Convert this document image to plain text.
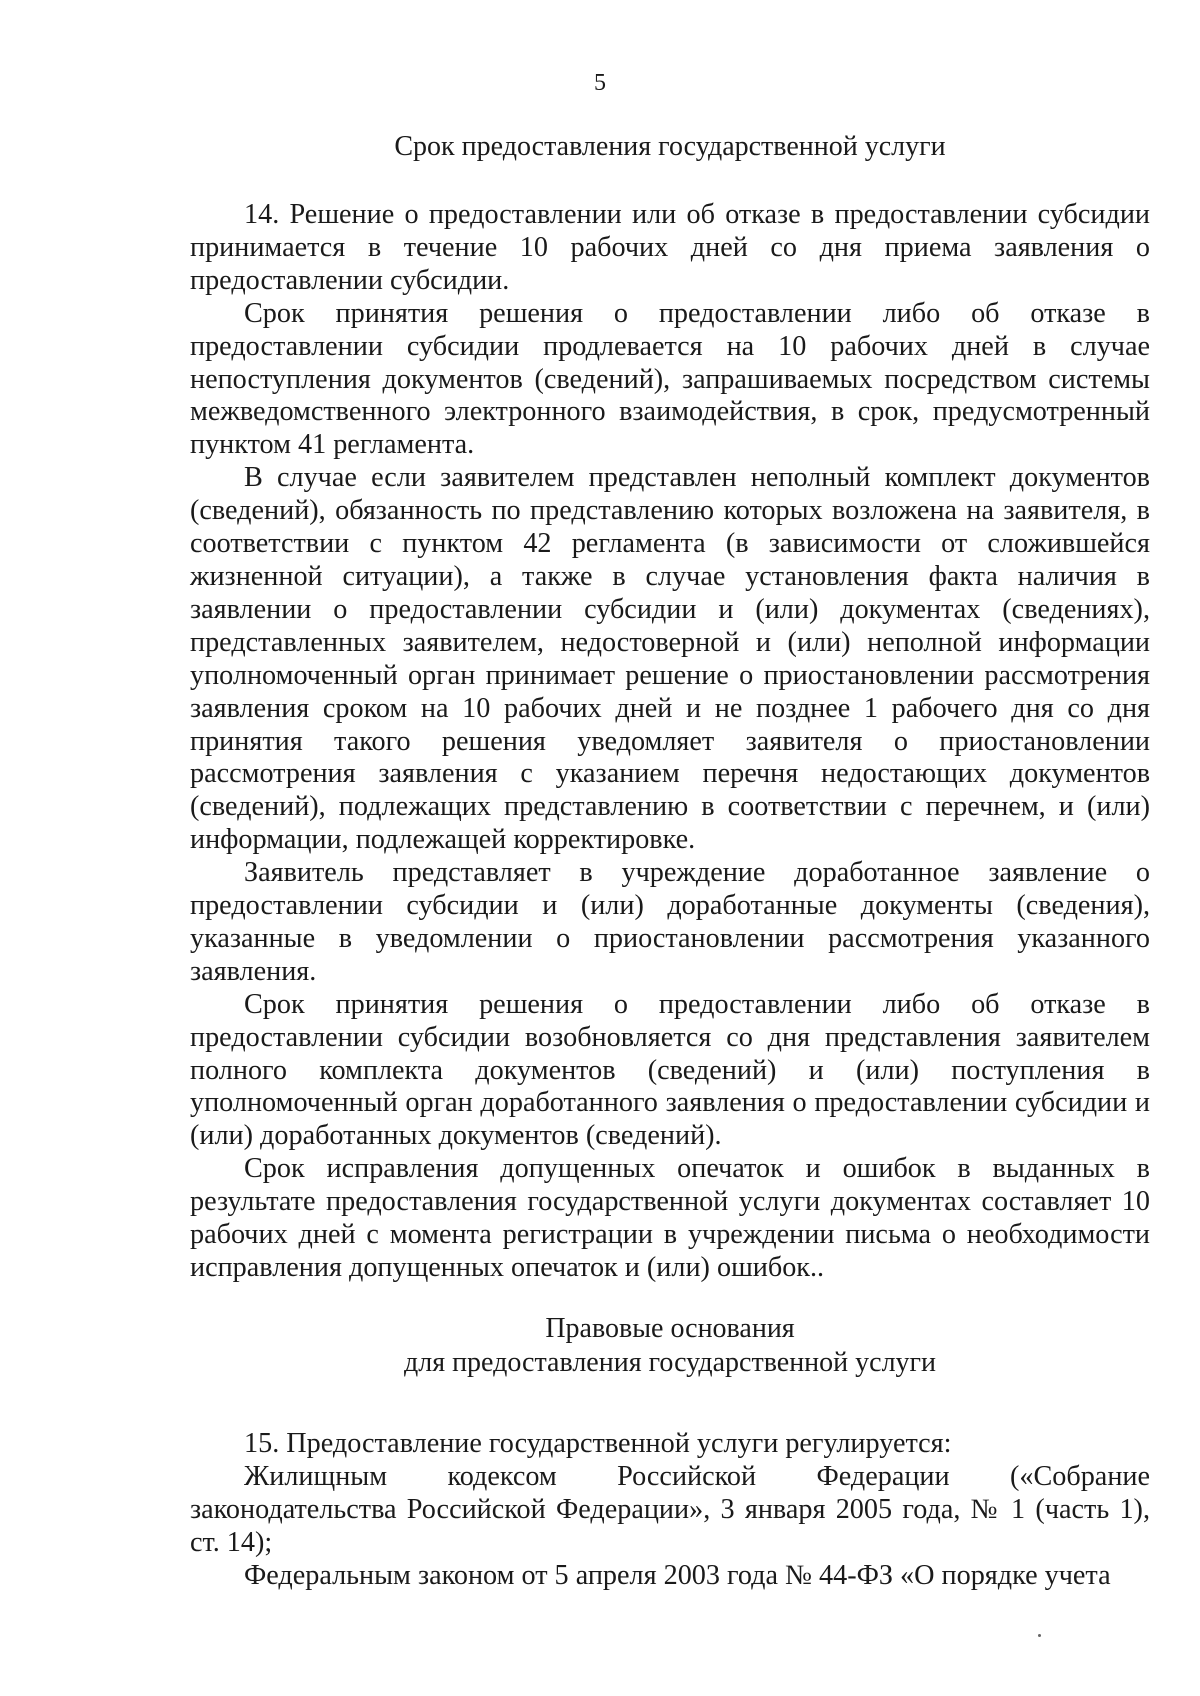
5
Срок предоставления государственной услуги

14. Решение о предоставлении или об отказе в предоставлении субсидии принимается в течение 10 рабочих дней со дня приема заявления о предоставлении субсидии.

Срок принятия решения о предоставлении либо об отказе в предоставлении субсидии продлевается на 10 рабочих дней в случае непоступления документов (сведений), запрашиваемых посредством системы межведомственного электронного взаимодействия, в срок, предусмотренный пунктом 41 регламента.

В случае если заявителем представлен неполный комплект документов (сведений), обязанность по представлению которых возложена на заявителя, в соответствии с пунктом 42 регламента (в зависимости от сложившейся жизненной ситуации), а также в случае установления факта наличия в заявлении о предоставлении субсидии и (или) документах (сведениях), представленных заявителем, недостоверной и (или) неполной информации уполномоченный орган принимает решение о приостановлении рассмотрения заявления сроком на 10 рабочих дней и не позднее 1 рабочего дня со дня принятия такого решения уведомляет заявителя о приостановлении рассмотрения заявления с указанием перечня недостающих документов (сведений), подлежащих представлению в соответствии с перечнем, и (или) информации, подлежащей корректировке.

Заявитель представляет в учреждение доработанное заявление о предоставлении субсидии и (или) доработанные документы (сведения), указанные в уведомлении о приостановлении рассмотрения указанного заявления.

Срок принятия решения о предоставлении либо об отказе в предоставлении субсидии возобновляется со дня представления заявителем полного комплекта документов (сведений) и (или) поступления в уполномоченный орган доработанного заявления о предоставлении субсидии и (или) доработанных документов (сведений).

Срок исправления допущенных опечаток и ошибок в выданных в результате предоставления государственной услуги документах составляет 10 рабочих дней с момента регистрации в учреждении письма о необходимости исправления допущенных опечаток и (или) ошибок..

Правовые основания
для предоставления государственной услуги

15. Предоставление государственной услуги регулируется:

Жилищным кодексом Российской Федерации («Собрание законодательства Российской Федерации», 3 января 2005 года, № 1 (часть 1), ст. 14);

Федеральным законом от 5 апреля 2003 года № 44-ФЗ «О порядке учета
